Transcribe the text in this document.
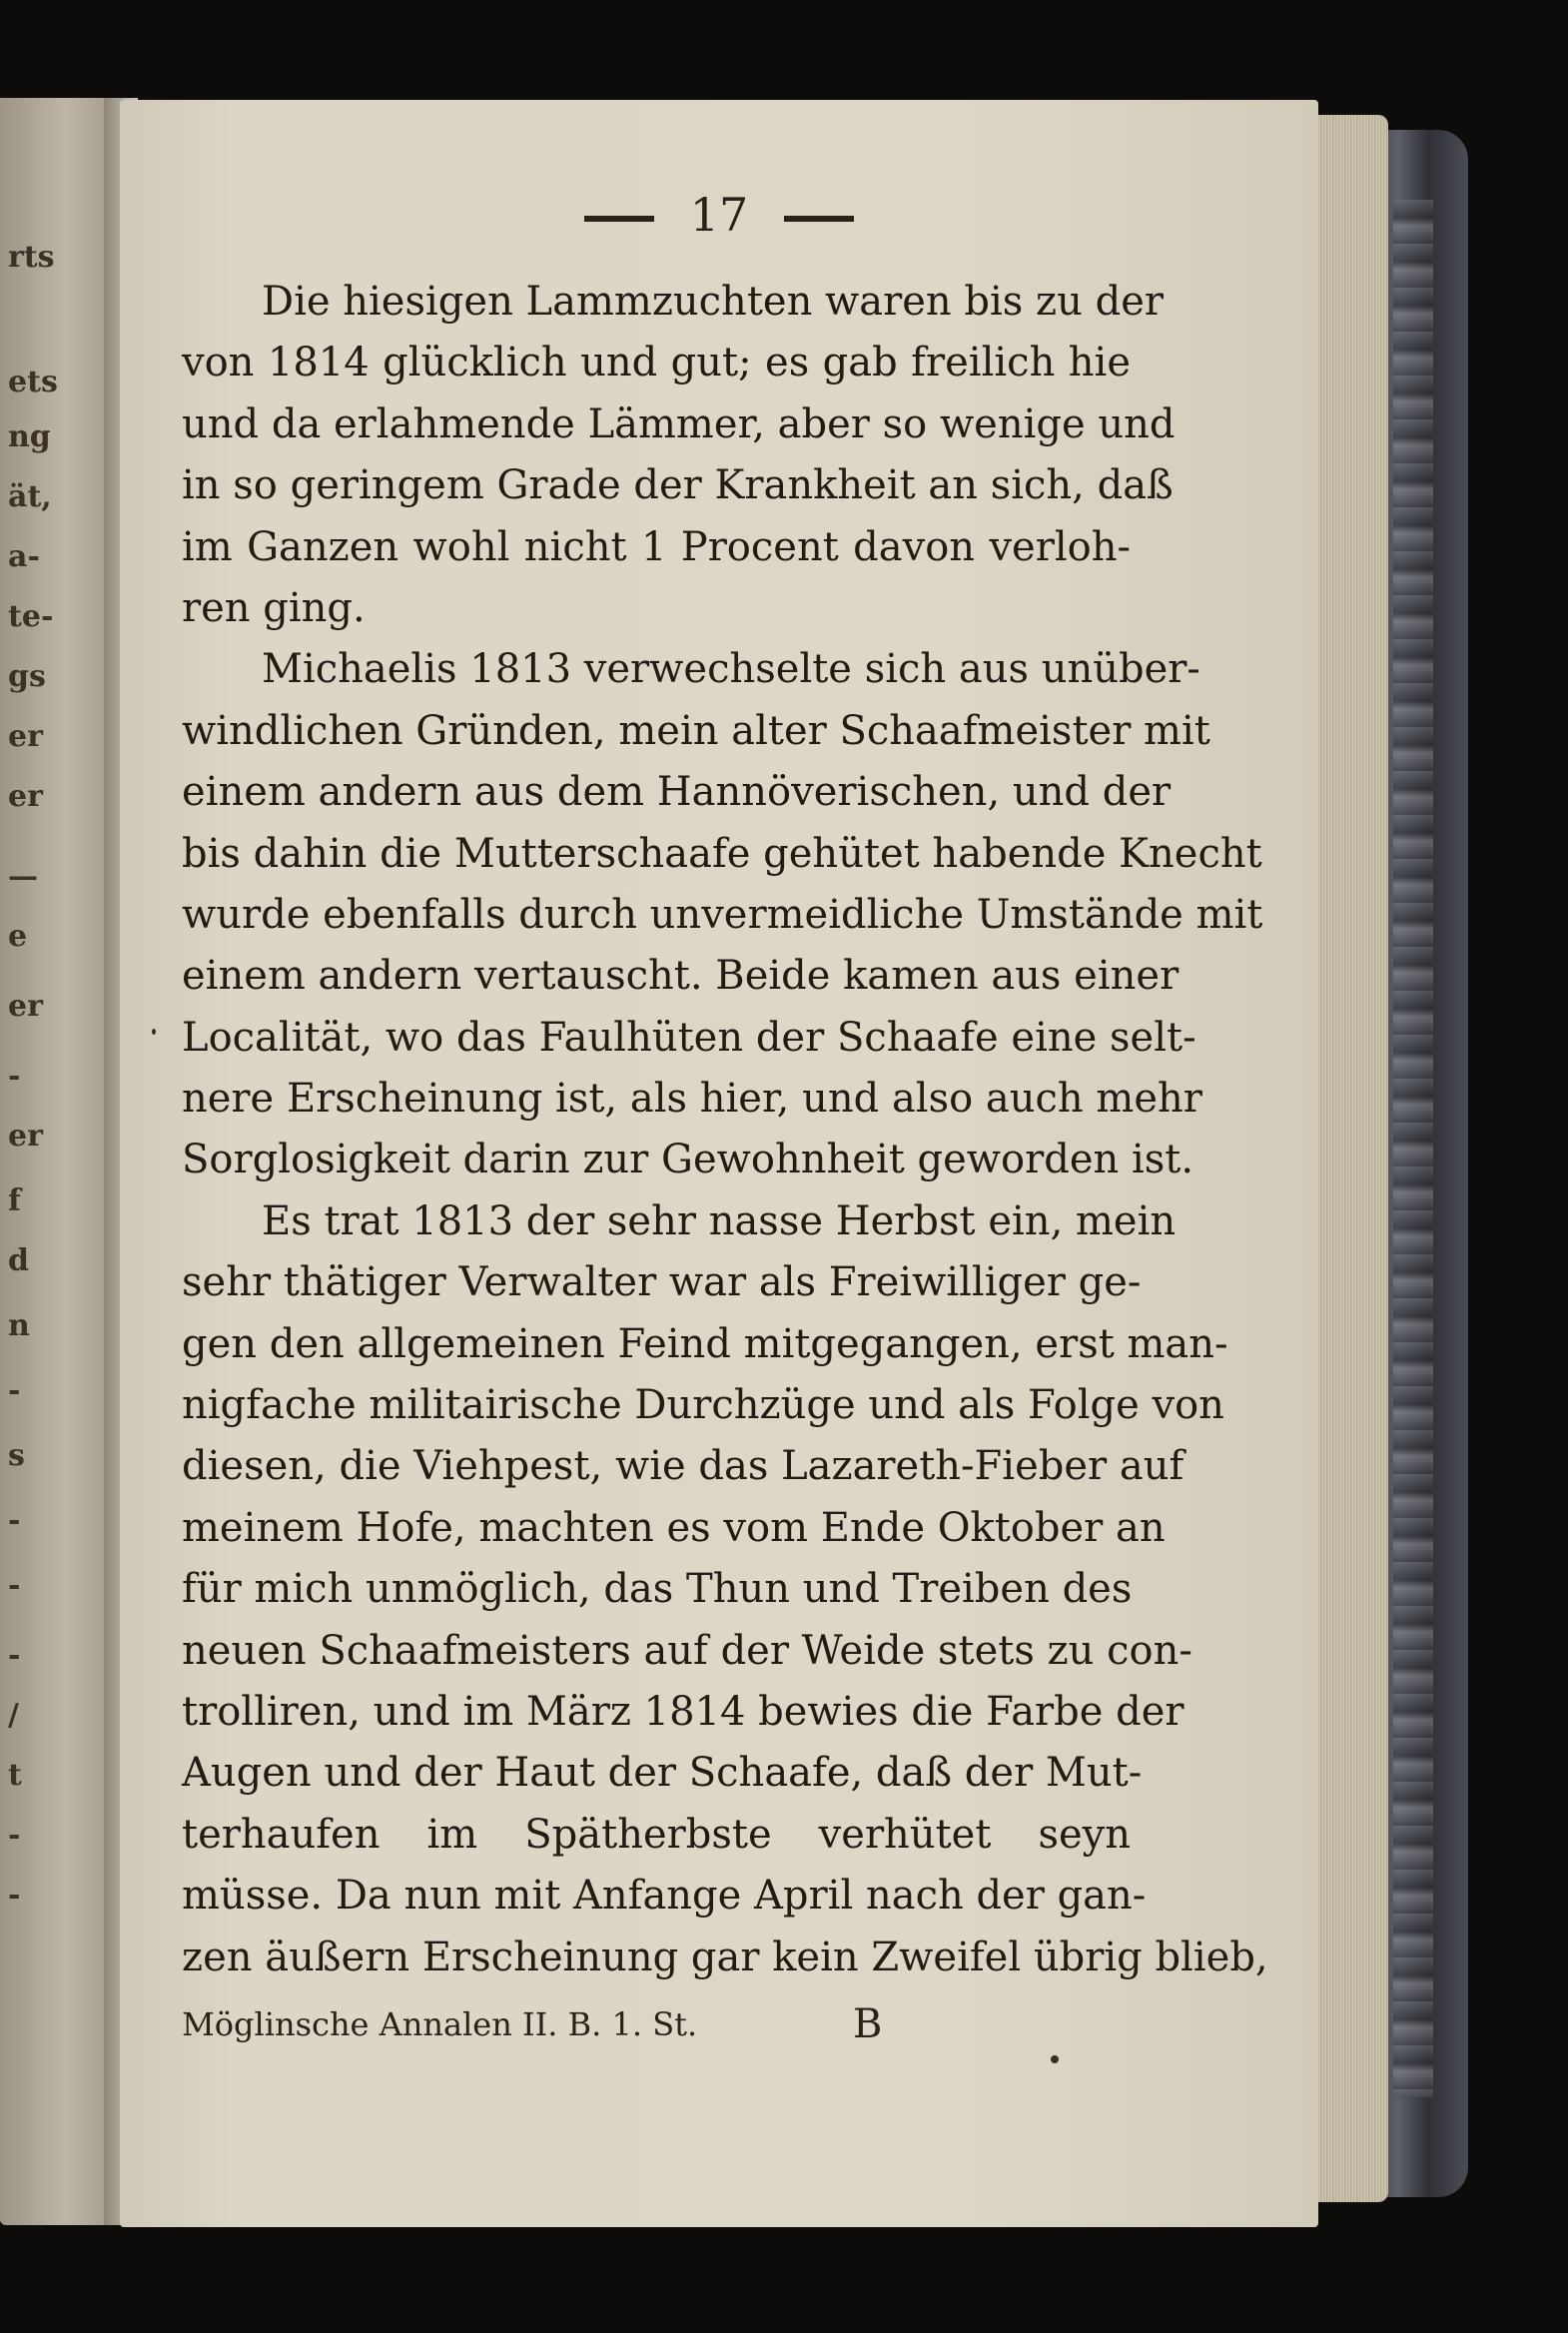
rts
ets
ng
ät,
a-
te-
gs
er
er
—
e
er
-
er
f
d
n
-
s
-
-
-
/
t
-
-
17
Die hiesigen Lammzuchten waren bis zu der
von 1814 glücklich und gut; es gab freilich hie
und da erlahmende Lämmer, aber so wenige und
in so geringem Grade der Krankheit an sich, daß
im Ganzen wohl nicht 1 Procent davon verloh-
ren ging.
Michaelis 1813 verwechselte sich aus unüber-
windlichen Gründen, mein alter Schaafmeister mit
einem andern aus dem Hannöverischen, und der
bis dahin die Mutterschaafe gehütet habende Knecht
wurde ebenfalls durch unvermeidliche Umstände mit
einem andern vertauscht. Beide kamen aus einer
Localität, wo das Faulhüten der Schaafe eine selt-
nere Erscheinung ist, als hier, und also auch mehr
Sorglosigkeit darin zur Gewohnheit geworden ist.
Es trat 1813 der sehr nasse Herbst ein, mein
sehr thätiger Verwalter war als Freiwilliger ge-
gen den allgemeinen Feind mitgegangen, erst man-
nigfache militairische Durchzüge und als Folge von
diesen, die Viehpest, wie das Lazareth-Fieber auf
meinem Hofe, machten es vom Ende Oktober an
für mich unmöglich, das Thun und Treiben des
neuen Schaafmeisters auf der Weide stets zu con-
trolliren, und im März 1814 bewies die Farbe der
Augen und der Haut der Schaafe, daß der Mut-
terhaufen im Spätherbste verhütet seyn
müsse. Da nun mit Anfange April nach der gan-
zen äußern Erscheinung gar kein Zweifel übrig blieb,
Möglinsche Annalen II. B. 1. St.	B
